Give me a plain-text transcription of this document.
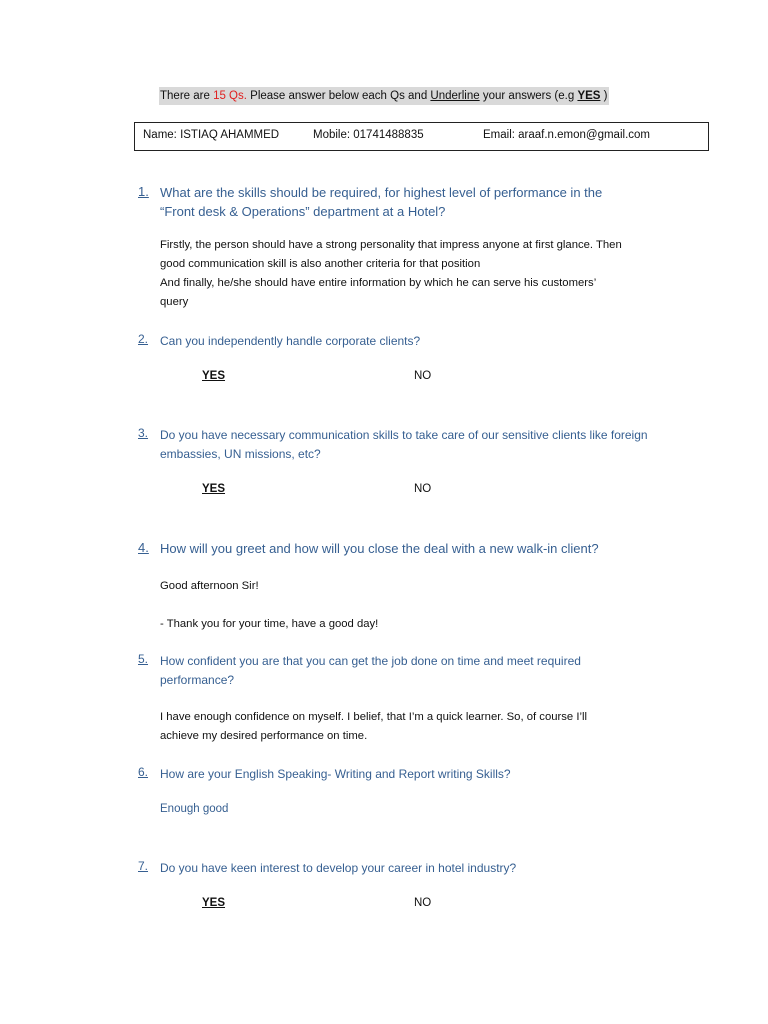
There are 15 Qs. Please answer below each Qs and Underline your answers (e.g YES )
Name: ISTIAQ AHAMMED	Mobile: 01741488835	Email: araaf.n.emon@gmail.com
1. What are the skills should be required, for highest level of performance in the
“Front desk & Operations” department at a Hotel?
Firstly, the person should have a strong personality that impress anyone at first glance. Then
good communication skill is also another criteria for that position
And finally, he/she should have entire information by which he can serve his customers’
query
2. Can you independently handle corporate clients?
YES	NO
3. Do you have necessary communication skills to take care of our sensitive clients like foreign
embassies, UN missions, etc?
YES	NO
4. How will you greet and how will you close the deal with a new walk-in client?
Good afternoon Sir!
- Thank you for your time, have a good day!
5. How confident you are that you can get the job done on time and meet required
performance?
I have enough confidence on myself. I belief, that I’m a quick learner. So, of course I’ll
achieve my desired performance on time.
6. How are your English Speaking- Writing and Report writing Skills?
Enough good
7. Do you have keen interest to develop your career in hotel industry?
YES	NO
